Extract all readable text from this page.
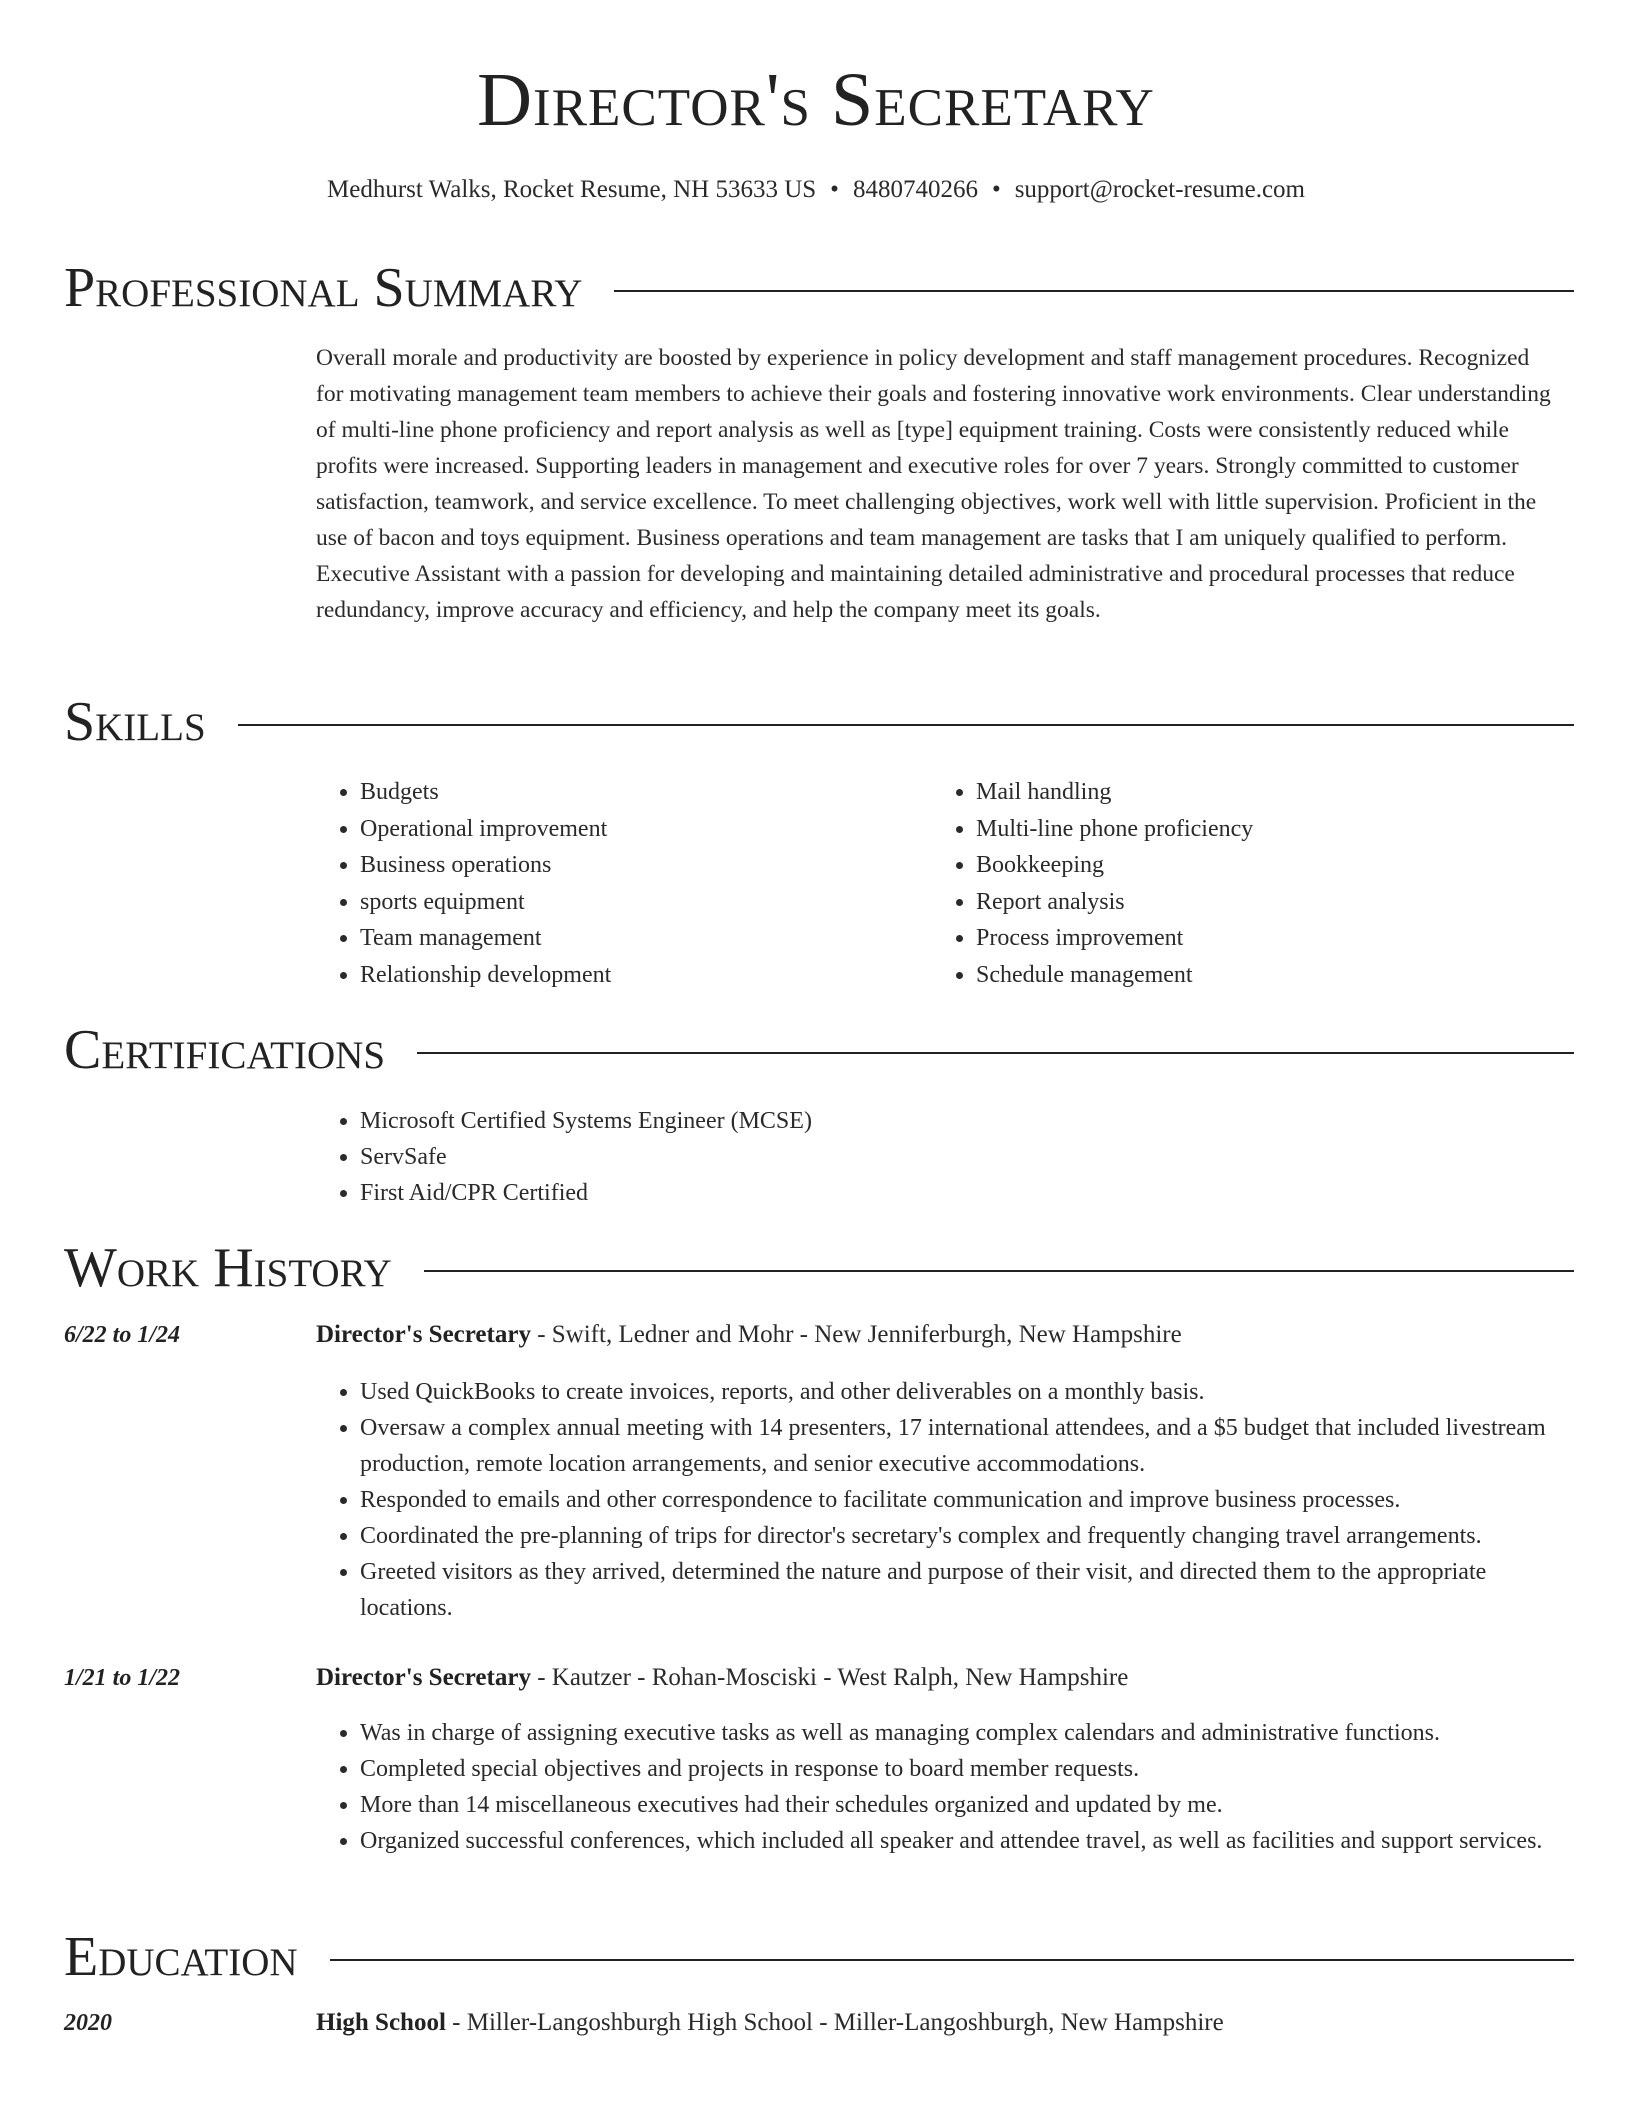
Director's Secretary
Medhurst Walks, Rocket Resume, NH 53633 US • 8480740266 • support@rocket-resume.com
Professional Summary
Overall morale and productivity are boosted by experience in policy development and staff management procedures. Recognized for motivating management team members to achieve their goals and fostering innovative work environments. Clear understanding of multi-line phone proficiency and report analysis as well as [type] equipment training. Costs were consistently reduced while profits were increased. Supporting leaders in management and executive roles for over 7 years. Strongly committed to customer satisfaction, teamwork, and service excellence. To meet challenging objectives, work well with little supervision. Proficient in the use of bacon and toys equipment. Business operations and team management are tasks that I am uniquely qualified to perform. Executive Assistant with a passion for developing and maintaining detailed administrative and procedural processes that reduce redundancy, improve accuracy and efficiency, and help the company meet its goals.
Skills
• Budgets
• Operational improvement
• Business operations
• sports equipment
• Team management
• Relationship development
• Mail handling
• Multi-line phone proficiency
• Bookkeeping
• Report analysis
• Process improvement
• Schedule management
Certifications
• Microsoft Certified Systems Engineer (MCSE)
• ServSafe
• First Aid/CPR Certified
Work History
6/22 to 1/24	Director's Secretary - Swift, Ledner and Mohr - New Jenniferburgh, New Hampshire
• Used QuickBooks to create invoices, reports, and other deliverables on a monthly basis.
• Oversaw a complex annual meeting with 14 presenters, 17 international attendees, and a $5 budget that included livestream production, remote location arrangements, and senior executive accommodations.
• Responded to emails and other correspondence to facilitate communication and improve business processes.
• Coordinated the pre-planning of trips for director's secretary's complex and frequently changing travel arrangements.
• Greeted visitors as they arrived, determined the nature and purpose of their visit, and directed them to the appropriate locations.
1/21 to 1/22	Director's Secretary - Kautzer - Rohan-Mosciski - West Ralph, New Hampshire
• Was in charge of assigning executive tasks as well as managing complex calendars and administrative functions.
• Completed special objectives and projects in response to board member requests.
• More than 14 miscellaneous executives had their schedules organized and updated by me.
• Organized successful conferences, which included all speaker and attendee travel, as well as facilities and support services.
Education
2020	High School - Miller-Langoshburgh High School - Miller-Langoshburgh, New Hampshire
